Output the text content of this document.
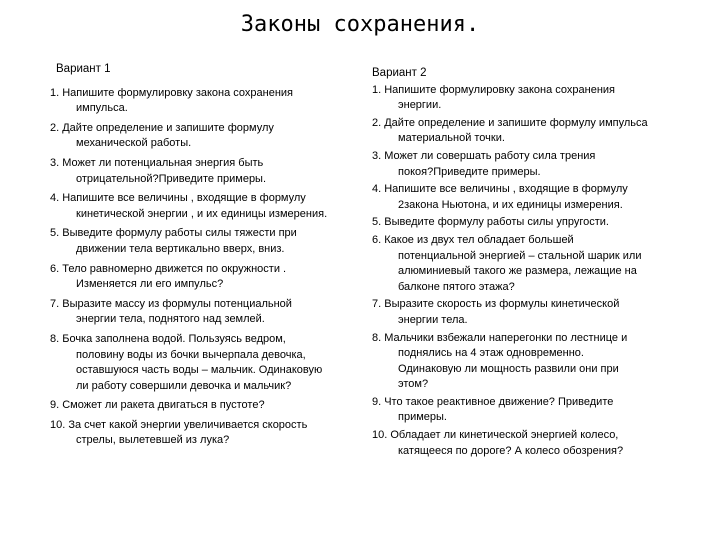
Законы сохранения.
Вариант 1
1. Напишите формулировку закона сохранения
импульса.
2. Дайте определение и запишите формулу
механической работы.
3. Может ли потенциальная энергия быть
отрицательной?Приведите примеры.
4. Напишите все величины , входящие в формулу
кинетической энергии , и их единицы измерения.
5. Выведите формулу работы силы тяжести при
движении тела вертикально вверх, вниз.
6. Тело равномерно движется по окружности .
Изменяется ли его импульс?
7. Выразите массу из формулы потенциальной
энергии тела, поднятого над землей.
8. Бочка заполнена водой. Пользуясь ведром,
половину воды из бочки вычерпала девочка,
оставшуюся часть воды – мальчик. Одинаковую
ли работу совершили девочка и мальчик?
9. Сможет ли ракета двигаться в пустоте?
10. За счет какой энергии увеличивается скорость
стрелы, вылетевшей из лука?
Вариант 2
1. Напишите формулировку закона сохранения
энергии.
2. Дайте определение и запишите формулу импульса
материальной точки.
3. Может ли совершать работу сила трения
покоя?Приведите примеры.
4. Напишите все величины , входящие в формулу
2закона Ньютона, и их единицы измерения.
5. Выведите формулу работы силы упругости.
6. Какое из двух тел обладает большей
потенциальной энергией – стальной шарик или
алюминиевый такого же размера, лежащие на
балконе пятого этажа?
7. Выразите скорость из формулы кинетической
энергии тела.
8. Мальчики взбежали наперегонки по лестнице и
поднялись на 4 этаж одновременно.
Одинаковую ли мощность развили они при
этом?
9. Что такое реактивное движение? Приведите
примеры.
10. Обладает ли кинетической энергией колесо,
катящееся по дороге? А колесо обозрения?
